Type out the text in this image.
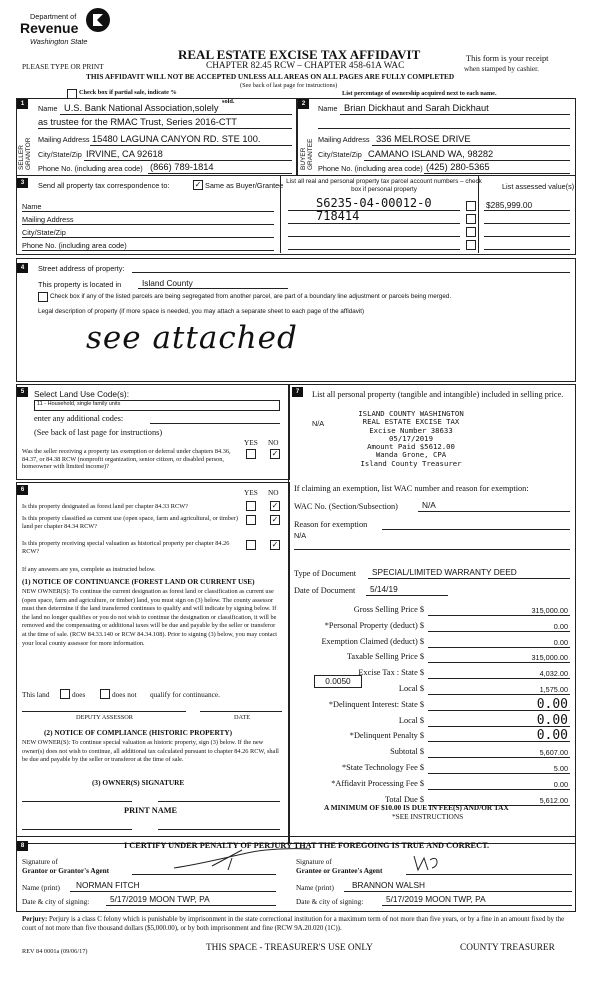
Department of
Revenue
Washington State
PLEASE TYPE OR PRINT
REAL ESTATE EXCISE TAX AFFIDAVIT
CHAPTER 82.45 RCW – CHAPTER 458-61A WAC
This form is your receipt
when stamped by cashier.
THIS AFFIDAVIT WILL NOT BE ACCEPTED UNLESS ALL AREAS ON ALL PAGES ARE FULLY COMPLETED
(See back of last page for instructions)
Check box if partial sale, indicate %
sold.
List percentage of ownership acquired next to each name.
1	2
SELLER GRANTOR	BUYER GRANTEE
Name U.S. Bank National Association,solely
as trustee for the RMAC Trust, Series 2016-CTT
Mailing Address 15480 LAGUNA CANYON RD. STE 100.
City/State/Zip IRVINE, CA 92618
Phone No. (including area code) (866) 789-1814
Name Brian Dickhaut and Sarah Dickhaut
Mailing Address 336 MELROSE DRIVE
City/State/Zip CAMANO ISLAND WA, 98282
Phone No. (including area code) (425) 280-5365
3	Send all property tax correspondence to:	✓ Same as Buyer/Grantee
Name
Mailing Address
City/State/Zip
Phone No. (including area code)
List all real and personal property tax parcel account numbers – check box if personal property	List assessed value(s)
S6235-04-00012-0
718414
$285,999.00
4	Street address of property:
This property is located in	Island County
Check box if any of the listed parcels are being segregated from another parcel, are part of a boundary line adjustment or parcels being merged.
Legal description of property (if more space is needed, you may attach a separate sheet to each page of the affidavit)
see attached
5	Select Land Use Code(s):
11 - Household, single family units
enter any additional codes:
(See back of last page for instructions)
YES NO
Was the seller receiving a property tax exemption or deferral under chapters 84.36, 84.37, or 84.38 RCW (nonprofit organization, senior citizen, or disabled person, homeowner with limited income)?
✓
6	YES NO
Is this property designated as forest land per chapter 84.33 RCW?	✓
Is this property classified as current use (open space, farm and agricultural, or timber) land per chapter 84.34 RCW?
✓
Is this property receiving special valuation as historical property per chapter 84.26 RCW?
✓
If any answers are yes, complete as instructed below.
(1) NOTICE OF CONTINUANCE (FOREST LAND OR CURRENT USE)
NEW OWNER(S): To continue the current designation as forest land or classification as current use (open space, farm and agriculture, or timber) land, you must sign on (3) below. The county assessor must then determine if the land transferred continues to qualify and will indicate by signing below. If the land no longer qualifies or you do not wish to continue the designation or classification, it will be removed and the compensating or additional taxes will be due and payable by the seller or transferor at the time of sale. (RCW 84.33.140 or RCW 84.34.108). Prior to signing (3) below, you may contact your local county assessor for more information.
This land	does	does not qualify for continuance.
DEPUTY ASSESSOR	DATE
(2) NOTICE OF COMPLIANCE (HISTORIC PROPERTY)
NEW OWNER(S): To continue special valuation as historic property, sign (3) below. If the new owner(s) does not wish to continue, all additional tax calculated pursuant to chapter 84.26 RCW, shall be due and payable by the seller or transferor at the time of sale.
(3) OWNER(S) SIGNATURE
PRINT NAME
7	List all personal property (tangible and intangible) included in selling price.
N/A
ISLAND COUNTY WASHINGTON
REAL ESTATE EXCISE TAX
Excise Number 38633
05/17/2019
Amount Paid $5612.00
Wanda Grone, CPA
Island County Treasurer
If claiming an exemption, list WAC number and reason for exemption:
WAC No. (Section/Subsection)	N/A
Reason for exemption
N/A
Type of Document SPECIAL/LIMITED WARRANTY DEED
Date of Document 5/14/19
Gross Selling Price $	315,000.00
*Personal Property (deduct) $	0.00
Exemption Claimed (deduct) $	0.00
Taxable Selling Price $	315,000.00
Excise Tax : State $	4,032.00
Local $	1,575.00
*Delinquent Interest: State $	0.00
Local $	0.00
*Delinquent Penalty $	0.00
Subtotal $	5,607.00
*State Technology Fee $	5.00
*Affidavit Processing Fee $	0.00
Total Due $	5,612.00
0.0050
A MINIMUM OF $10.00 IS DUE IN FEE(S) AND/OR TAX
*SEE INSTRUCTIONS
8	I CERTIFY UNDER PENALTY OF PERJURY THAT THE FOREGOING IS TRUE AND CORRECT.
Signature of
Grantor or Grantor's Agent
Signature of
Grantee or Grantee's Agent
Name (print) NORMAN FITCH	Name (print) BRANNON WALSH
Date & city of signing: 5/17/2019 MOON TWP, PA	Date & city of signing:	5/17/2019 MOON TWP, PA
Perjury: Perjury is a class C felony which is punishable by imprisonment in the state correctional institution for a maximum term of not more than five years, or by a fine in an amount fixed by the court of not more than five thousand dollars ($5,000.00), or by both imprisonment and fine (RCW 9A.20.020 (1C)).
REV 84 0001a (09/06/17)	THIS SPACE - TREASURER'S USE ONLY	COUNTY TREASURER
